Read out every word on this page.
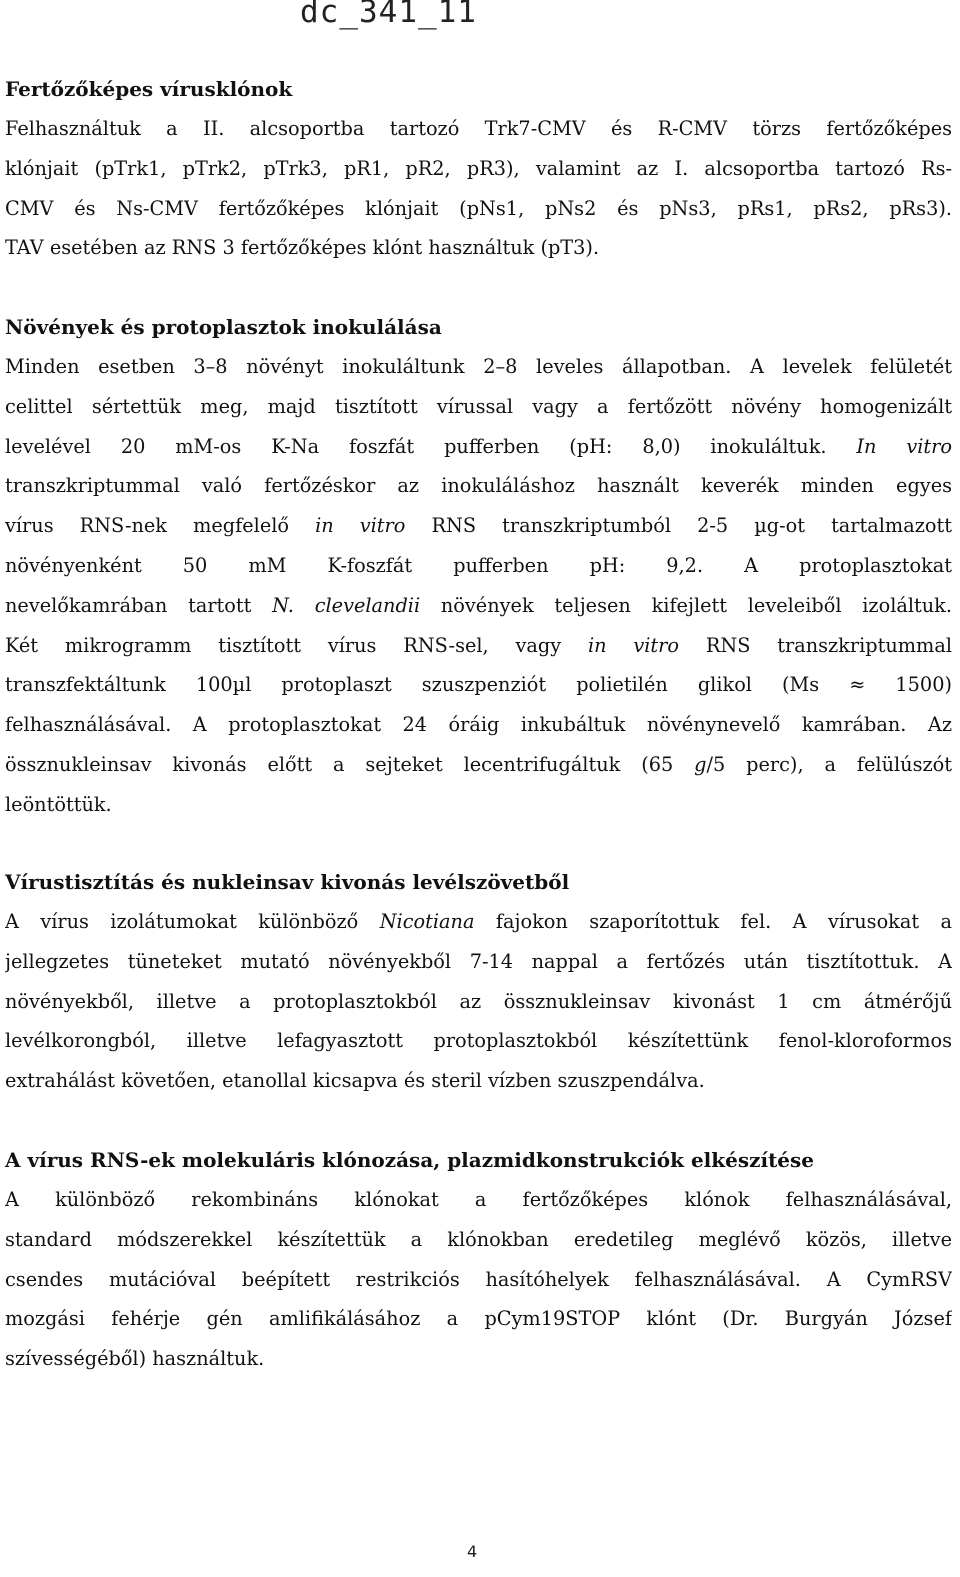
dc_341_11
Fertőzőképes vírusklónok
Felhasználtuk a II. alcsoportba tartozó Trk7-CMV és R-CMV törzs fertőzőképes
klónjait (pTrk1, pTrk2, pTrk3, pR1, pR2, pR3), valamint az I. alcsoportba tartozó Rs-
CMV és Ns-CMV fertőzőképes klónjait (pNs1, pNs2 és pNs3, pRs1, pRs2, pRs3).
TAV esetében az RNS 3 fertőzőképes klónt használtuk (pT3).
Növények és protoplasztok inokulálása
Minden esetben 3–8 növényt inokuláltunk 2–8 leveles állapotban. A levelek felületét
celittel sértettük meg, majd tisztított vírussal vagy a fertőzött növény homogenizált
levelével 20 mM-os K-Na foszfát pufferben (pH: 8,0) inokuláltuk. In vitro
transzkriptummal való fertőzéskor az inokuláláshoz használt keverék minden egyes
vírus RNS-nek megfelelő in vitro RNS transzkriptumból 2-5 µg-ot tartalmazott
növényenként 50 mM K-foszfát pufferben pH: 9,2. A protoplasztokat
nevelőkamrában tartott N. clevelandii növények teljesen kifejlett leveleiből izoláltuk.
Két mikrogramm tisztított vírus RNS-sel, vagy in vitro RNS transzkriptummal
transzfektáltunk 100µl protoplaszt szuszpenziót polietilén glikol (Ms ≈ 1500)
felhasználásával. A protoplasztokat 24 óráig inkubáltuk növénynevelő kamrában. Az
össznukleinsav kivonás előtt a sejteket lecentrifugáltuk (65 g/5 perc), a felülúszót
leöntöttük.
Vírustisztítás és nukleinsav kivonás levélszövetből
A vírus izolátumokat különböző Nicotiana fajokon szaporítottuk fel. A vírusokat a
jellegzetes tüneteket mutató növényekből 7-14 nappal a fertőzés után tisztítottuk. A
növényekből, illetve a protoplasztokból az össznukleinsav kivonást 1 cm átmérőjű
levélkorongból, illetve lefagyasztott protoplasztokból készítettünk fenol-kloroformos
extrahálást követően, etanollal kicsapva és steril vízben szuszpendálva.
A vírus RNS-ek molekuláris klónozása, plazmidkonstrukciók elkészítése
A különböző rekombináns klónokat a fertőzőképes klónok felhasználásával,
standard módszerekkel készítettük a klónokban eredetileg meglévő közös, illetve
csendes mutációval beépített restrikciós hasítóhelyek felhasználásával. A CymRSV
mozgási fehérje gén amlifikálásához a pCym19STOP klónt (Dr. Burgyán József
szívességéből) használtuk.
4
